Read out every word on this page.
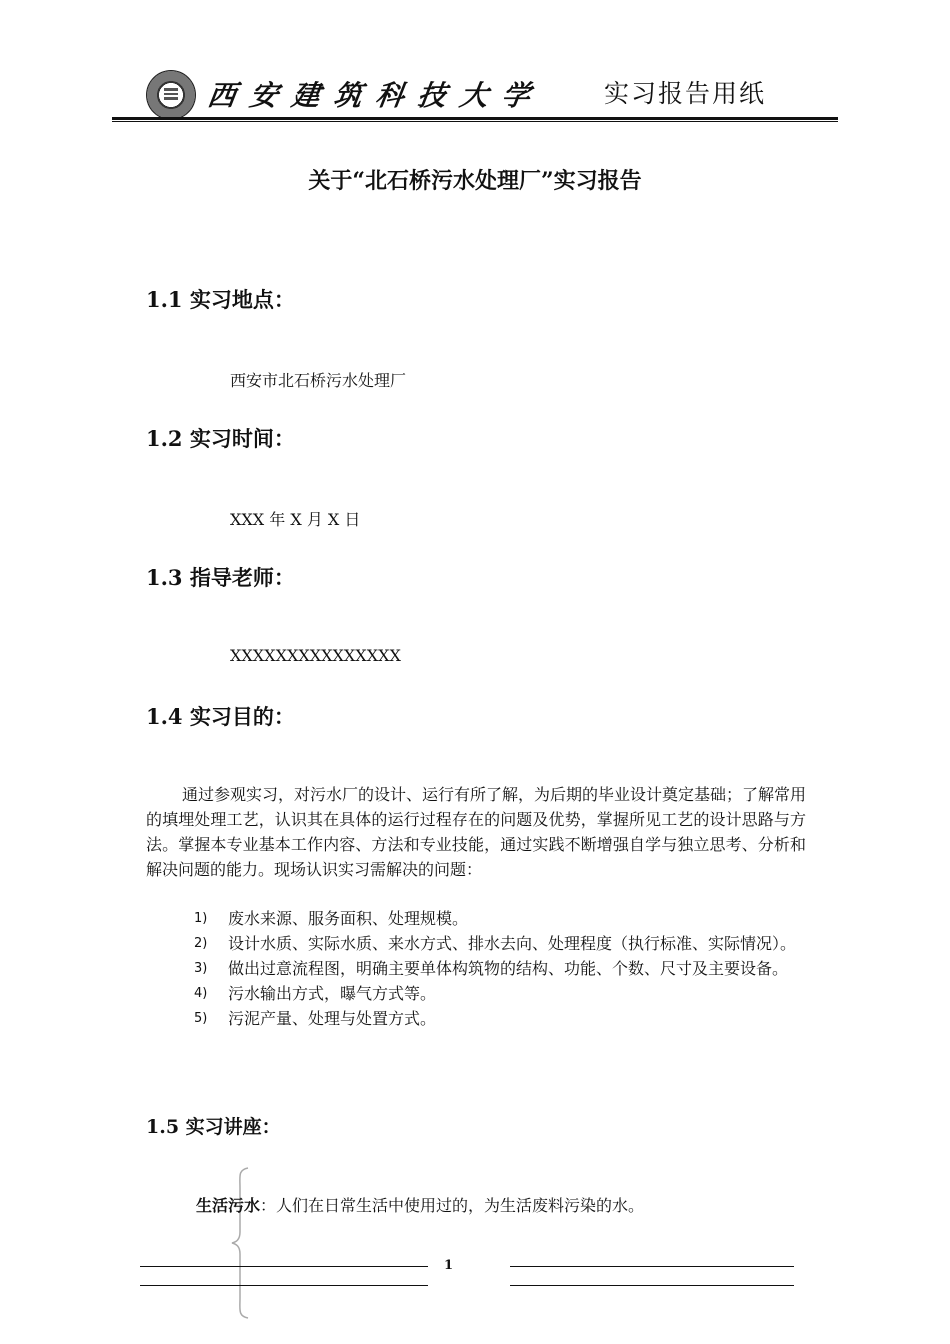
西安建筑科技大学 实习报告用纸
关于“北石桥污水处理厂”实习报告
1.1 实习地点：
西安市北石桥污水处理厂
1.2 实习时间：
XXX 年 X 月 X 日
1.3 指导老师：
XXXXXXXXXXXXXXX
1.4 实习目的：
通过参观实习，对污水厂的设计、运行有所了解，为后期的毕业设计奠定基础；了解常用的填埋处理工艺，认识其在具体的运行过程存在的问题及优势，掌握所见工艺的设计思路与方法。掌握本专业基本工作内容、方法和专业技能，通过实践不断增强自学与独立思考、分析和解决问题的能力。现场认识实习需解决的问题：
1) 废水来源、服务面积、处理规模。
2) 设计水质、实际水质、来水方式、排水去向、处理程度（执行标准、实际情况）。
3) 做出过意流程图，明确主要单体构筑物的结构、功能、个数、尺寸及主要设备。
4) 污水输出方式，曝气方式等。
5) 污泥产量、处理与处置方式。
1.5 实习讲座：
生活污水：人们在日常生活中使用过的，为生活废料污染的水。
1
